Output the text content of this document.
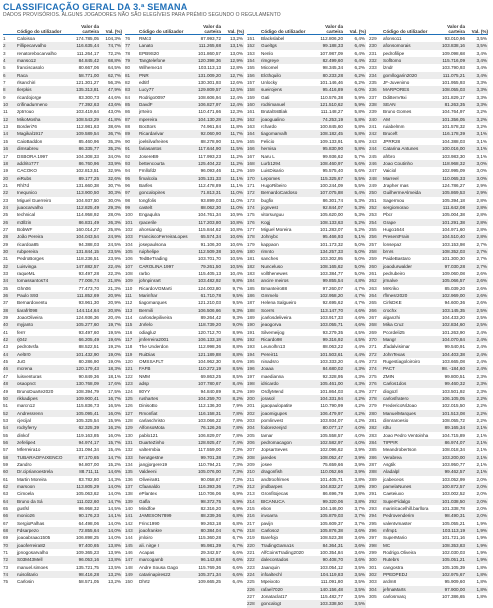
CLASSIFICAÇÃO GERAL DA 3.ª SEMANA
DADOS PROVISÓRIOS. ALGUNS JOGADORES NÃO SÃO ELEGÍVEIS PARA PRÉMIO SEGUNDO O REGULAMENTO
Código do utilizador
Valor da carteira	Val. (%)
1	Caloisoa	174.785,05	104,3%
2	Fillipecarvalho	116.635,44	74,7%
3	renatorebocarvalho	111.264,17	72,2%
4	manso12	84.845,42	68,8%
5	franciscasolo	80.667,06	64,5%
6	Raca	58.771,00	62,7%
7	rlsanchiri	121.301,27	56,3%
8	Ilerpkis	135.313,81	47,9%
9	ricardojorge	83.300,73	44,6%
10	crifinadurmeno	77.392,63	43,6%
11	zptrrouo	103.419,64	43,0%
12	MikoMosha	108.543,29	41,8%
13	Borderi76	112.981,63	38,6%
14	Magikal1917	109.589,54	36,7%
15	CaioBaddon	85.460,96	35,3%
16	dimsabreu	86.335,77	35,2%
17	DSBORA 1997	104.308,33	34,0%
18	addrito777	86.760,96	33,9%
19	CACOKO	102.813,51	32,9%
20	eiRubs	89.177,25	32,6%
21	Rhl7d	131.660,38	30,7%
22	Inequnico	113.900,50	30,3%
23	Miguel Guerreiro	104.937,50	30,0%
24	juaocarvalho	112.825,49	29,3%
25	technical	114.958,92	28,0%
26	m3llzin	86.831,49	26,3%
27	BobWF	160.014,27	25,8%
28	João Pereira	104.043,54	24,9%
29	ricardoa85	94.388,03	24,5%
30	rubpereira	131.844,15	23,5%
31	PedroBorges	118.236,51	23,9%
32	Luisvinga	147.882,57	22,4%
33	raqueML	93.497,28	22,3%
34	tomassantos74	77.006,74	21,8%
35	Ghn06	77.473,70	21,3%
36	Paulo S93	111.852,69	20,9%
37	Bernardoventu	93.961,30	20,9%
38	tiarafrl098	144.114,64	20,8%
39	JoaoOliveira	124.936,36	20,4%
40	myjanto	105.277,60	19,7%
41	ferrr	93.497,60	19,5%
42	rj04z	66.205,49	19,6%
43	pedrotvsfa	88.522,51	19,2%
44	Aeltrr0	101.432,90	19,0%
45	JuG	80.286,90	19,0%
46	mcrena	120.179,43	18,3%
47	luisventuras	90.849,36	18,1%
48	osaopnct	130.768,09	17,6%
49	BrunoDuarte2020	108.394,79	17,5%
50	rikkadipes	109.900,41	16,7%
51	marcn12	115.836,73	16,5%
52	Andressrenn	105.095,41	16,0%
53	cjecijal	105.325,54	15,9%
54	rodryferry	62.325,39	16,2%
55	dinkof	119.163,85	16,0%
56	zefelipe4	94.974,17	15,7%
57	Mferreira1o	131.094,34	15,4%
58	TUBARAOFAIXENCO	87.170,65	14,7%
59	Zandro	94.807,00	15,2%
60	Dr.ciprianoestrela	88.711,11	14,6%
61	Martin Moreira	83.782,80	14,3%
62	marsoon	113.805,29	14,0%
63	Cimoela	105.063,62	14,0%
64	Bruno da Sá	111.022,60	14,7%
65	gusfsl	96.958,32	14,5%
66	monio26	90.176,23	14,1%
67	SergioPalhas	64.498,06	14,0%
68	Fdsarpezo	72.855,64	14,0%
69	joaoabraao1505	106.898,25	14,0%
70	joaoferreira82	97.400,65	13,8%
71	jpnogosarvalho	109.365,23	13,9%
72	S03M43Mell	96.053,16	13,8%
73	manuel.simoes	135.721,75	13,5%
74	ruisolitario	98.416,28	13,2%
75	Carlosin	58.571,05	13,2%
Código do utilizador
Valor da carteira	Val. (%)
76	RMc3	87.993,72	13,2%
77	Lanato	111.265,68	13,1%
78	EPB9S20	101.860,57	13,0%
79	Tangtelefone	120.398,36	12,9%
80	Wilheme14	103.113,13	12,8%
81	PNR	131.009,20	12,7%
82	edtitf	130.301,93	12,6%
83	Lucy77	129.809,57	12,5%
84	Rodrigo0097	108.606,94	12,4%
85	DavdF	106.827,97	12,4%
86	jrrteiro	110.471,66	12,3%
87	mpereira	104.130,28	12,3%
88	Bocttors	74.961,84	11,8%
89	Ricardarivar	92.060,90	11,7%
90	joelsilvafreires	88.278,90	11,5%
91	fariasantos	117.644,90	11,5%
92	JosereB9	117.993,23	11,2%
93	bettencourta	125.404,22	11,2%
94	Fmllofdz	96.093,46	11,2%
95	fimalcola	105.131,33	11,1%
96	Barfes	112.478,89	11,1%
97	goncalopires	71.813,31	11,0%
98	tongfolis	93.899,03	11,0%
99	castelt	88.062,30	11,0%
100	Engaqulra	104.761,34	10,9%
101	rpacerile	117.203,80	10,8%
102	ahorsiandg	115.844,62	10,8%
103	FranciscoFerreiraLopes	65.574,34	10,6%
104	josepaulsona	91.106,30	10,6%
105	ruiphelipe	112.509,38	10,6%
106	TedBeTrading	103.701,70	10,5%
107	CAROLINA 1997	79.261,50	10,5%
108	rarbo	115.405,13	10,4%
109	johnpinrart	103.482,92	9,8%
110	RicardoVGMarti	124.003,80	9,7%
111	Marinfrar	61.710,78	9,5%
112	tiagomarques	121.210,03	9,5%
113	Bermili	106.506,66	9,3%
114	carlosdepiliveira	89.264,42	9,3%
115	Jnrlelo	118.739,20	9,0%
116	odiagluz	120.712,70	8,9%
117	jmferreira2001	106.133,18	8,8%
118	The Underdon	112.998,36	8,8%
119	RuiDias	121.189,88	8,8%
120	OMSSAFLT	104.962,30	8,6%
121	FAFB	110.272,19	8,5%
122	NMM	69.863,25	8,5%
123	adsp	107.780,67	8,4%
124	80YY	94.840,89	8,2%
125	rushartes	104.259,70	8,2%
126	DinisoBo	112.136,30	7,9%
127	Rmonfiat	116.158,31	7,8%
128	carlaschristo	103.066,22	7,8%
129	AlfonsoMota	76.126,26	7,8%
130	pablo121	106.829,07	7,8%
131	DuarteZinho	128.925,47	7,4%
132	valtermbia	117.559,00	7,3%
133	herutgestne	99.701,38	7,3%
134	jangjorgere19	110.794,21	7,3%
135	Valdeeni	105.076,00	7,3%
136	Oliveira91	90.058,67	7,3%
137	Cfaanaldo	116.393,36	7,2%
138	ePlantex	110.706,06	6,9%
139	Gafla	98.372,75	6,9%
140	Mindfoe	82.316,20	6,9%
141	JAMESON7899	88.239,36	6,8%
142	Frinc1990	99.263,18	6,8%
143	joaofrankre	80.384,04	6,7%
144	jmloiro	115.360,28	6,7%
145	ali. nirge I	95.981,39	6,7%
146	Acapas	29.342,57	6,6%
147	marcogamb	96.143,68	6,6%
148	Andre Sousa Gago	115.769,36	6,6%
149	catarinapires22	105.371,34	6,6%
150	Dhrtz	109.665,25	6,4%
Código do utilizador
Valor da carteira	Val. (%)
151	Blackslabel	112.806,20	6,4%
152	Gueltgs	99.188,33	6,4%
153	Nenlo	107.987,09	6,4%
154	rimgreye	82.499,60	6,4%
155	Micomel	98.345,34	6,2%
156	Elcthquilo	80.233,28	6,2%
157	Unlocky	101.146,46	6,2%
158	sueirojens	95.416,89	6,0%
159	Gati	110.576,38	5,9%
160	rodrimanuel	121.510,62	5,9%
161	BrutalSsBlak	111.148,27	5,8%
162	joaogualino	74.253,19	5,8%
163	rchardo	100.845,60	5,8%
164	tiagomarvalh	108.182,45	5,8%
165	Felicio	109.133,91	5,8%
166	hernisa	95.830,90	5,8%
167	Naru L	99.936,62	5,7%
168	Lurb1294	108.460,97	5,6%
169	LuisDisario	95.575,40	5,6%
170	Lepomes	115.325,67	5,5%
171	HugoRibeiro	100.244,09	5,5%
172	BernardoCardoso	107.075,88	5,4%
173	bugfix	86.301,74	5,3%
174	jcgnvest	92.844,07	5,3%
175	vitorsurguu	105.620,00	5,3%
176	Kogj	108.133,63	5,2%
177	Miguel Moreira	101.283,07	5,2%
178	Johnybc	95.466,93	5,1%
179	kappaon	101.173,32	5,0%
180	rimnto	134.257,33	5,0%
181	sanches	103.302,95	5,0%
182	Nunceluso	108.165,62	5,0%
183	vollthenewes	103.384,77	5,0%
184	ancire meiros	99.855,54	4,8%
185	Bmanteiro88	97.260,07	4,7%
186	Gmmelo	102.958,20	4,7%
187	Helena Salgueiro	92.695,62	4,7%
188	Scerrs	113.147,70	4,6%
189	jcarlosdeliveira	103.917,33	4,6%
190	jeaogorva	103.055,71	4,6%
191	Silvemeijog	93.279,35	4,5%
192	Ricardo98	99.316,92	4,5%
193	Leunolhn13	88.063,22	4,4%
194	Pereir11	101.503,61	4,4%
195	ninadsro	103.333,20	4,4%
196	Joaaa	84.680,02	4,3%
197	maedianna	92.328,95	4,3%
198	idricardo	105.461,00	4,3%
199	OrdlyMend	101.864,03	4,3%
200	jorasol	104.331,94	4,2%
201	jqaopaulopatite	110.790,99	4,2%
202	joaomigupes	106.479,97	4,2%
203	pomlinvest	103.934,07	4,2%
204	fodorezenjrd	80.077,17	4,0%
205	tamar	105.558,57	4,0%
206	pedromacagon	102.582,97	4,0%
207	JopsarSeves	102.096,62	3,9%
208	jaredes	108.052,47	3,9%
209	josee	75.659,66	3,9%
210	dragonfish	110.052,66	3,9%
211	andtroofrimes	101.405,71	3,8%
212	jmdbarpes	104.832,27	3,8%
213	Gronfitojecas	86.696,79	3,8%
214	BICANUCA	99.320,06	3,8%
215	ebon	104.146,00	3,7%
216	invoarra	105.879,03	3,7%
217	pavijn	105.609,37	3,7%
218	Carlosoz	105.876,38	3,6%
219	Barefojo	108.523,38	3,6%
220	TradingGama1s	84.364,31	3,6%
221	AlfCoinsTrading2020	100.354,84	3,6%
222	dalecontados	90.408,70	3,6%
223	Jaanquin	103.054,12	3,5%
224	infoaltechl	104.119,83	3,5%
225	Mpeixoto	111.091,80	3,5%
226	rafael7020	140.156,48	3,5%
227	Jonataclat17	115.482,77	3,5%
228	goncalogt	103.338,50	3,5%
Código do utilizador
Valor da carteira	Val. (%)
229	afonso11	93.010,96	3,5%
230	afonsomorais	103.838,16	3,5%
231	pedrofilipe	109.098,68	3,4%
232	Sofltomo	115.716,09	3,4%
233	lzndr	103.790,93	3,4%
234	gomllogarin2020	111.075,21	3,4%
235	JF-Juvenimo	101.955,93	3,3%
236	MARPORES	108.055,03	3,3%
237	DdittenV9xi	101.829,17	3,3%
238	SEAN	81.263,35	3,3%
239	Bruno Gomes	104.764,97	3,2%
240	AM	101.356,05	3,2%
241	ruiabelmm	101.578,32	3,2%
242	Bruceft	116.178,39	3,1%
243	JPRR28	104.388,03	3,1%
244	Catarina Antunes	100.016,00	3,1%
245	afrbro	103.983,30	3,1%
246	Joao Coutinho	118.968,32	3,0%
247	Vaiciol	102.995,09	3,0%
248	Marreel	110.065,33	3,0%
249	Jrapher mas	124.786,27	2,9%
250	GuilhermeAlmeida	105.869,53	2,9%
251	Sagermou	105.394,18	2,8%
252	sergiomorao	111.642,08	2,8%
253	Pbcr	105.004,38	2,8%
254	Grape	101.291,38	2,8%
255	Hugo1644	104.971,60	2,8%
256	PresentFrain	104.510,40	2,8%
257	lonsepaz	103.153,98	2,7%
258	brnrs	108.352,03	2,7%
259	PaideBastaro	101.300,30	2,7%
260	joaodurwalder	97.030,28	2,7%
261	pedrubeiro	109.060,08	2,6%
262	jrmalve	105.066,57	2,6%
263	MrKriko	85.039,20	2,6%
264	rflmesr2020	102.969,00	2,6%
265	CirlsDKE	94.600,36	2,6%
266	crochx	103.145,35	2,5%
267	alganzhi	104.433,20	2,5%
268	Mika Cruz	102.834,60	2,5%
269	Pcordeli25	101.263,90	2,4%
270	Mangr	104.070,84	2,4%
271	Jfadalvisimar	99.540,91	2,4%
272	JohnTexas	104.403,38	2,4%
273	Rugestiagoloiroiro	103.665,08	2,4%
274	PACT	98. -184,60	2,4%
275	ZMIN	99.800,51	2,3%
276	Carlos1dos	99.460,32	2,3%
277	diogozl	103.501,92	2,3%
278	carlosfratero	106.105,05	2,2%
279	FredericoNlJoao	102.015,50	2,2%
280	ManuelMarques	101.513,08	2,2%
281	dinnraroesio	108.055,72	2,2%
282	rdtu	89.165,34	2,1%
283	Joao Pedro Ventoinha	104.715,89	2,1%
284	TIPPIR	86.974,07	2,1%
285	Meandrobertson	108.018,34	2,1%
286	Verabrea	103.200,00	2,1%
287	Asgtik	103.950,77	2,1%
288	Aladalpl	99.462,57	2,1%
289	jcabeceos	103.052,99	2,0%
290	pamelaNunes	100.872,57	2,0%
291	Caeteiuxo	103.002,52	2,0%
292	SuperFidalgo	101.038,50	2,0%
293	marinlcacelhill.barllora	101.338,78	2,0%
294	Pedrovenderim	98.490,31	2,0%
295	valentvmaster	105.055,21	1,9%
296	mfmp1	103.113,19	1,9%
297	SuperMario	101.721,16	1,9%
298	MC	108.353,83	1,9%
299	Rodrigo.Oliveira	102.030,03	1,9%
300	Rutebrs	105.051,21	1,9%
301	cangostra	105.105,39	1,8%
302	PPEDPEDJ	102.975,67	1,8%
303	ardm8	95.909,60	1,8%
304	jefmaMarts	97.900,00	1,8%
305	carlosmarq	107.386,65	1,8%
